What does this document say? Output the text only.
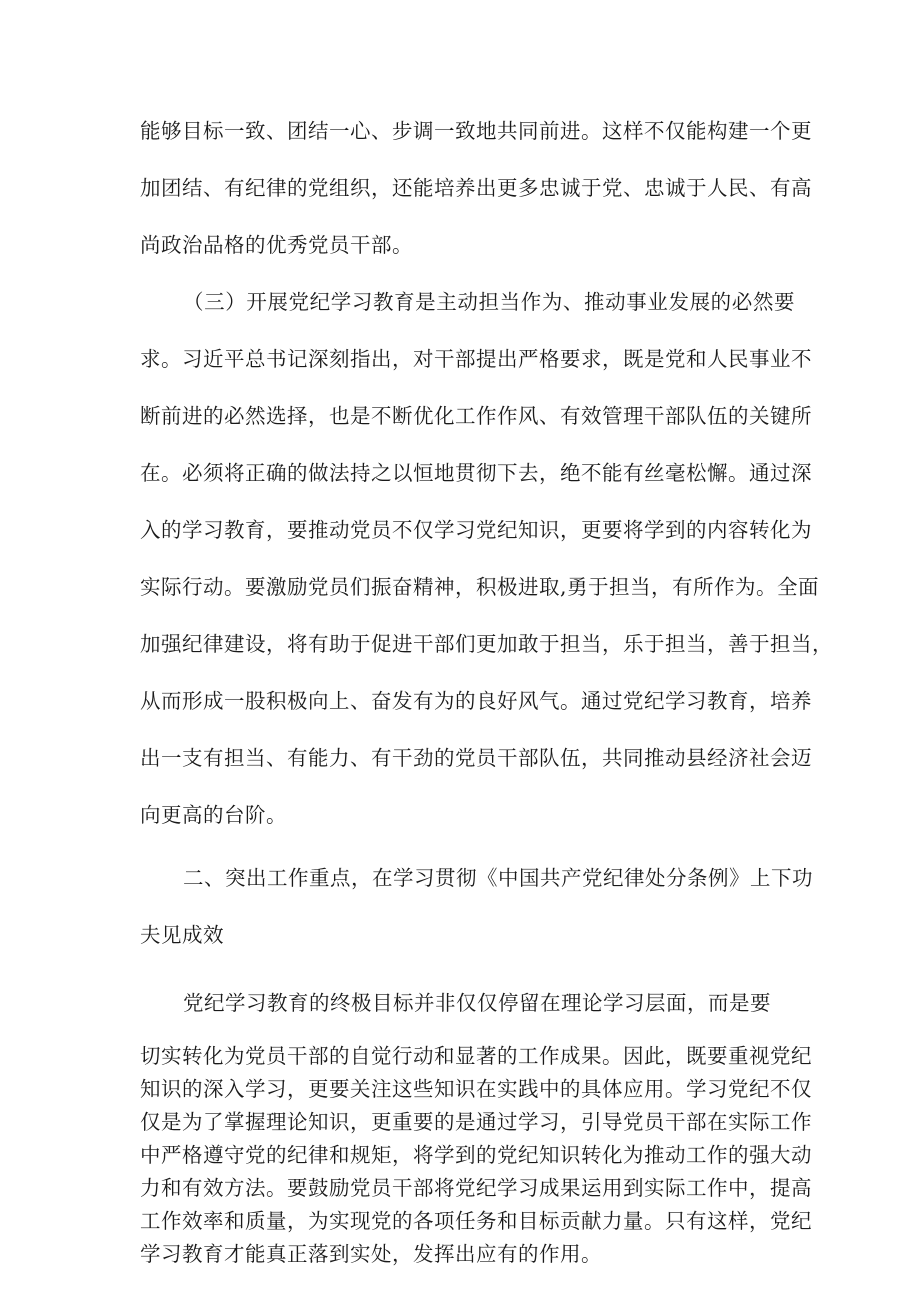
能够目标一致、团结一心、步调一致地共同前进。这样不仅能构建一个更
加团结、有纪律的党组织，还能培养出更多忠诚于党、忠诚于人民、有高
尚政治品格的优秀党员干部。
（三）开展党纪学习教育是主动担当作为、推动事业发展的必然要
求。习近平总书记深刻指出，对干部提出严格要求，既是党和人民事业不
断前进的必然选择，也是不断优化工作作风、有效管理干部队伍的关键所
在。必须将正确的做法持之以恒地贯彻下去，绝不能有丝毫松懈。通过深
入的学习教育，要推动党员不仅学习党纪知识，更要将学到的内容转化为
实际行动。要激励党员们振奋精神，积极进取,勇于担当，有所作为。全面
加强纪律建设，将有助于促进干部们更加敢于担当，乐于担当，善于担当，
从而形成一股积极向上、奋发有为的良好风气。通过党纪学习教育，培养
出一支有担当、有能力、有干劲的党员干部队伍，共同推动县经济社会迈
向更高的台阶。
二、突出工作重点，在学习贯彻《中国共产党纪律处分条例》上下功
夫见成效
党纪学习教育的终极目标并非仅仅停留在理论学习层面，而是要
切实转化为党员干部的自觉行动和显著的工作成果。因此，既要重视党纪
知识的深入学习，更要关注这些知识在实践中的具体应用。学习党纪不仅
仅是为了掌握理论知识，更重要的是通过学习，引导党员干部在实际工作
中严格遵守党的纪律和规矩，将学到的党纪知识转化为推动工作的强大动
力和有效方法。要鼓励党员干部将党纪学习成果运用到实际工作中，提高
工作效率和质量，为实现党的各项任务和目标贡献力量。只有这样，党纪
学习教育才能真正落到实处，发挥出应有的作用。
